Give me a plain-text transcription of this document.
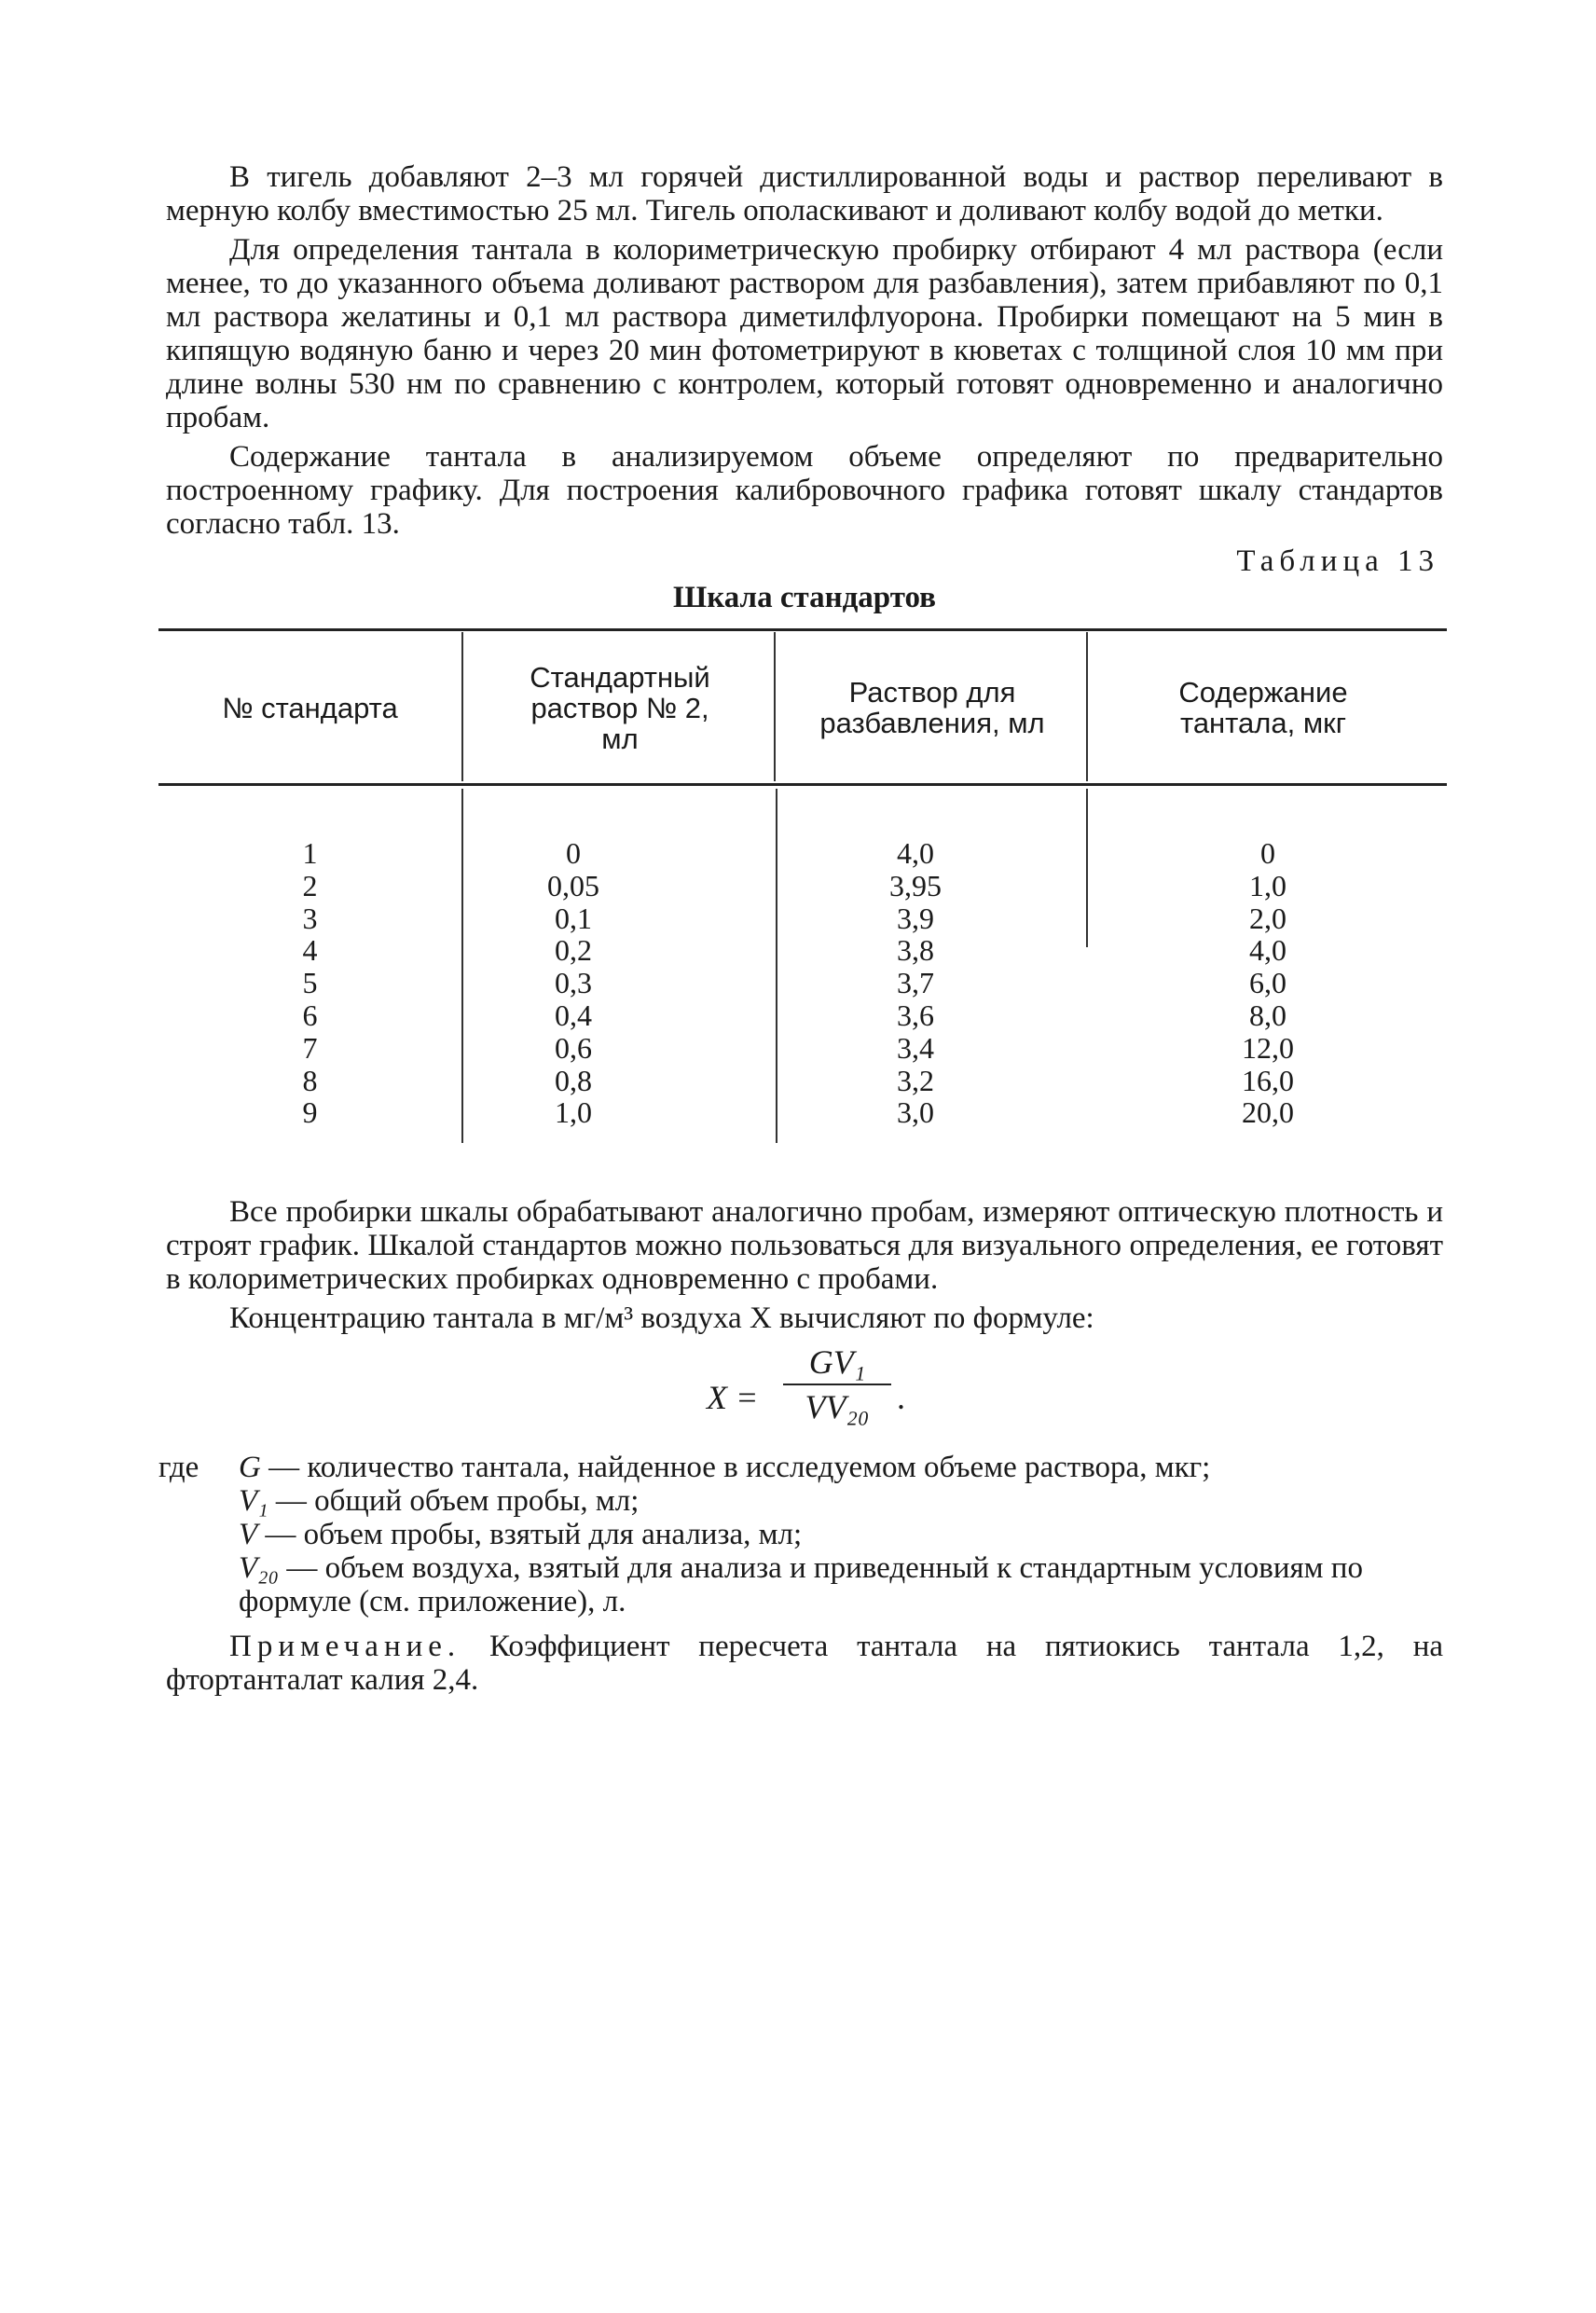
В тигель добавляют 2–3 мл горячей дистиллированной воды и раствор переливают в мерную колбу вместимостью 25 мл. Тигель ополаскивают и доливают колбу водой до метки.

Для определения тантала в колориметрическую пробирку отбирают 4 мл раствора (если менее, то до указанного объема доливают раствором для разбавления), затем прибавляют по 0,1 мл раствора желатины и 0,1 мл раствора диметилфлуорона. Пробирки помещают на 5 мин в кипящую водяную баню и через 20 мин фотометрируют в кюветах с толщиной слоя 10 мм при длине волны 530 нм по сравнению с контролем, который готовят одновременно и аналогично пробам.

Содержание тантала в анализируемом объеме определяют по предварительно построенному графику. Для построения калибровочного графика готовят шкалу стандартов согласно табл. 13.

Таблица 13
Шкала стандартов
№ стандарта
Стандартный раствор № 2, мл
Раствор для разбавления, мл
Содержание тантала, мкг
1
2
3
4
5
6
7
8
9
0
0,05
0,1
0,2
0,3
0,4
0,6
0,8
1,0
4,0
3,95
3,9
3,8
3,7
3,6
3,4
3,2
3,0
0
1,0
2,0
4,0
6,0
8,0
12,0
16,0
20,0

Все пробирки шкалы обрабатывают аналогично пробам, измеряют оптическую плотность и строят график. Шкалой стандартов можно пользоваться для визуального определения, ее готовят в колориметрических пробирках одновременно с пробами.

Концентрацию тантала в мг/м³ воздуха X вычисляют по формуле:

$X = \frac{\text{GV₁}}{\text{VV₂₀}}$ .
где G — количество тантала, найденное в исследуемом объеме раствора, мкг;
V₁ — общий объем пробы, мл;
V — объем пробы, взятый для анализа, мл;
V₂₀ — объем воздуха, взятый для анализа и приведенный к стандартным условиям по формуле (см. приложение), л.

Примечание. Коэффициент пересчета тантала на пятиокись тантала 1,2, на фтортанталат калия 2,4.
